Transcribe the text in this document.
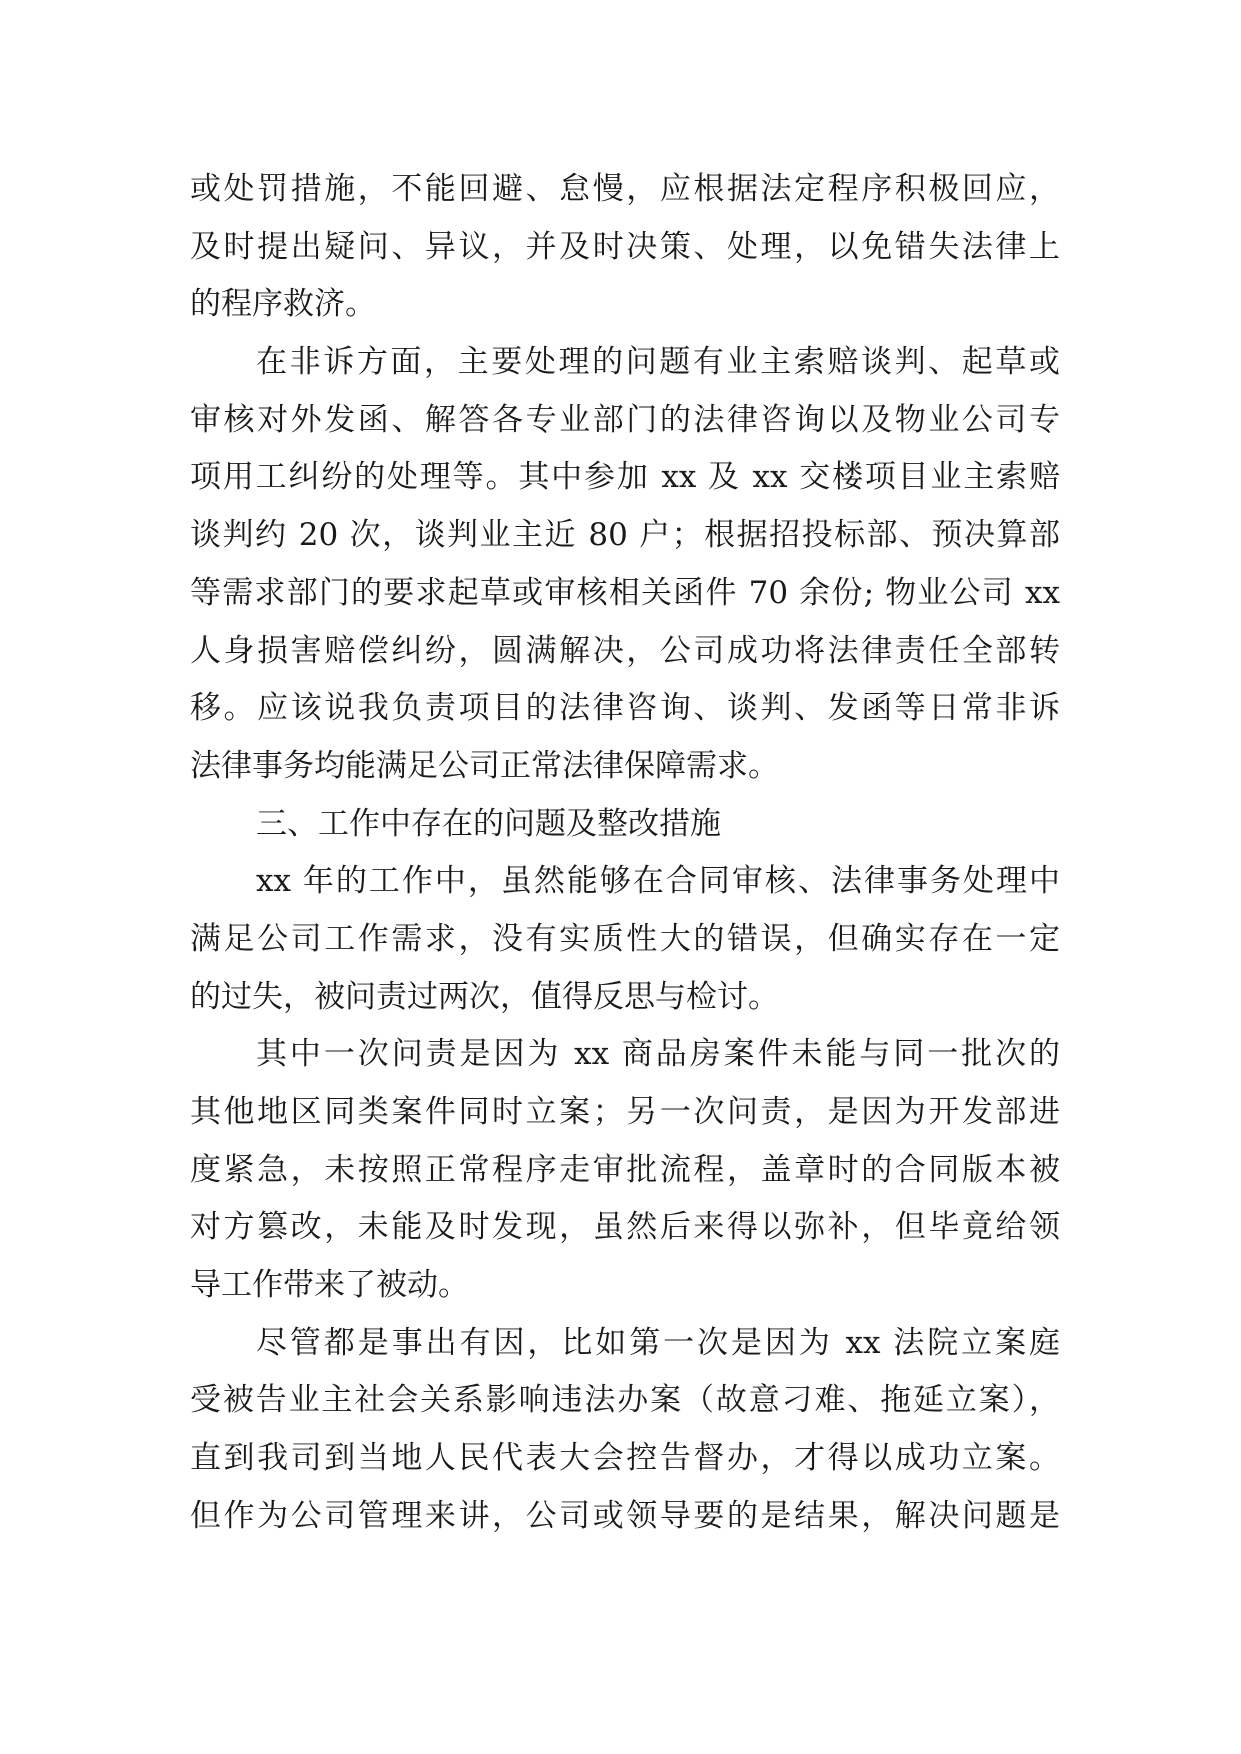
或处罚措施，不能回避、怠慢，应根据法定程序积极回应，
及时提出疑问、异议，并及时决策、处理，以免错失法律上
的程序救济。
在非诉方面，主要处理的问题有业主索赔谈判、起草或
审核对外发函、解答各专业部门的法律咨询以及物业公司专
项用工纠纷的处理等。其中参加 xx 及 xx 交楼项目业主索赔
谈判约 20 次，谈判业主近 80 户；根据招投标部、预决算部
等需求部门的要求起草或审核相关函件 70 余份; 物业公司 xx
人身损害赔偿纠纷，圆满解决，公司成功将法律责任全部转
移。应该说我负责项目的法律咨询、谈判、发函等日常非诉
法律事务均能满足公司正常法律保障需求。
三、工作中存在的问题及整改措施
xx 年的工作中，虽然能够在合同审核、法律事务处理中
满足公司工作需求，没有实质性大的错误，但确实存在一定
的过失，被问责过两次，值得反思与检讨。
其中一次问责是因为 xx 商品房案件未能与同一批次的
其他地区同类案件同时立案；另一次问责，是因为开发部进
度紧急，未按照正常程序走审批流程，盖章时的合同版本被
对方篡改，未能及时发现，虽然后来得以弥补，但毕竟给领
导工作带来了被动。
尽管都是事出有因，比如第一次是因为 xx 法院立案庭
受被告业主社会关系影响违法办案（故意刁难、拖延立案），
直到我司到当地人民代表大会控告督办，才得以成功立案。
但作为公司管理来讲，公司或领导要的是结果，解决问题是
